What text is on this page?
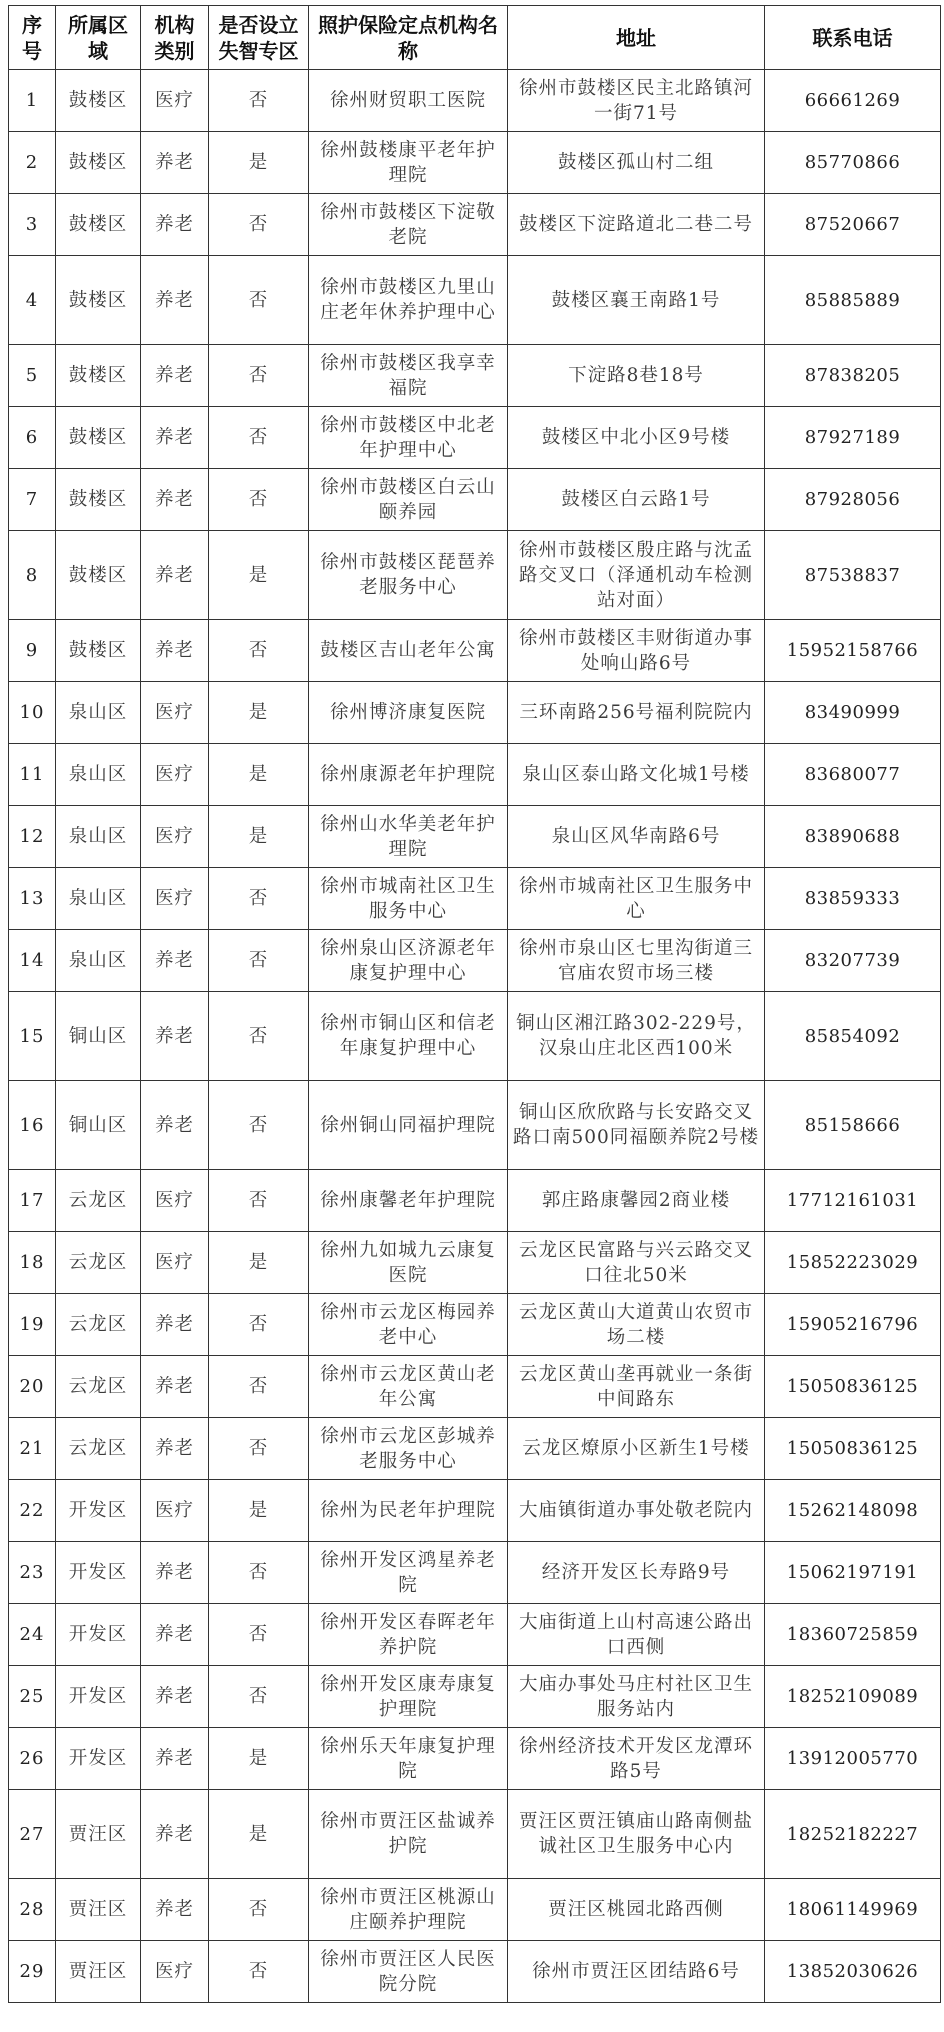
序号	所属区域	机构类别	是否设立失智专区	照护保险定点机构名称	地址	联系电话
1	鼓楼区	医疗	否	徐州财贸职工医院	徐州市鼓楼区民主北路镇河一街71号	66661269
2	鼓楼区	养老	是	徐州鼓楼康平老年护理院	鼓楼区孤山村二组	85770866
3	鼓楼区	养老	否	徐州市鼓楼区下淀敬老院	鼓楼区下淀路道北二巷二号	87520667
4	鼓楼区	养老	否	徐州市鼓楼区九里山庄老年休养护理中心	鼓楼区襄王南路1号	85885889
5	鼓楼区	养老	否	徐州市鼓楼区我享幸福院	下淀路8巷18号	87838205
6	鼓楼区	养老	否	徐州市鼓楼区中北老年护理中心	鼓楼区中北小区9号楼	87927189
7	鼓楼区	养老	否	徐州市鼓楼区白云山颐养园	鼓楼区白云路1号	87928056
8	鼓楼区	养老	是	徐州市鼓楼区琵琶养老服务中心	徐州市鼓楼区殷庄路与沈孟路交叉口（泽通机动车检测站对面）	87538837
9	鼓楼区	养老	否	鼓楼区吉山老年公寓	徐州市鼓楼区丰财街道办事处响山路6号	15952158766
10	泉山区	医疗	是	徐州博济康复医院	三环南路256号福利院院内	83490999
11	泉山区	医疗	是	徐州康源老年护理院	泉山区泰山路文化城1号楼	83680077
12	泉山区	医疗	是	徐州山水华美老年护理院	泉山区风华南路6号	83890688
13	泉山区	医疗	否	徐州市城南社区卫生服务中心	徐州市城南社区卫生服务中心	83859333
14	泉山区	养老	否	徐州泉山区济源老年康复护理中心	徐州市泉山区七里沟街道三官庙农贸市场三楼	83207739
15	铜山区	养老	否	徐州市铜山区和信老年康复护理中心	铜山区湘江路302-229号，汉泉山庄北区西100米	85854092
16	铜山区	养老	否	徐州铜山同福护理院	铜山区欣欣路与长安路交叉路口南500同福颐养院2号楼	85158666
17	云龙区	医疗	否	徐州康馨老年护理院	郭庄路康馨园2商业楼	17712161031
18	云龙区	医疗	是	徐州九如城九云康复医院	云龙区民富路与兴云路交叉口往北50米	15852223029
19	云龙区	养老	否	徐州市云龙区梅园养老中心	云龙区黄山大道黄山农贸市场二楼	15905216796
20	云龙区	养老	否	徐州市云龙区黄山老年公寓	云龙区黄山垄再就业一条街中间路东	15050836125
21	云龙区	养老	否	徐州市云龙区彭城养老服务中心	云龙区燎原小区新生1号楼	15050836125
22	开发区	医疗	是	徐州为民老年护理院	大庙镇街道办事处敬老院内	15262148098
23	开发区	养老	否	徐州开发区鸿星养老院	经济开发区长寿路9号	15062197191
24	开发区	养老	否	徐州开发区春晖老年养护院	大庙街道上山村高速公路出口西侧	18360725859
25	开发区	养老	否	徐州开发区康寿康复护理院	大庙办事处马庄村社区卫生服务站内	18252109089
26	开发区	养老	是	徐州乐天年康复护理院	徐州经济技术开发区龙潭环路5号	13912005770
27	贾汪区	养老	是	徐州市贾汪区盐诚养护院	贾汪区贾汪镇庙山路南侧盐诚社区卫生服务中心内	18252182227
28	贾汪区	养老	否	徐州市贾汪区桃源山庄颐养护理院	贾汪区桃园北路西侧	18061149969
29	贾汪区	医疗	否	徐州市贾汪区人民医院分院	徐州市贾汪区团结路6号	13852030626
